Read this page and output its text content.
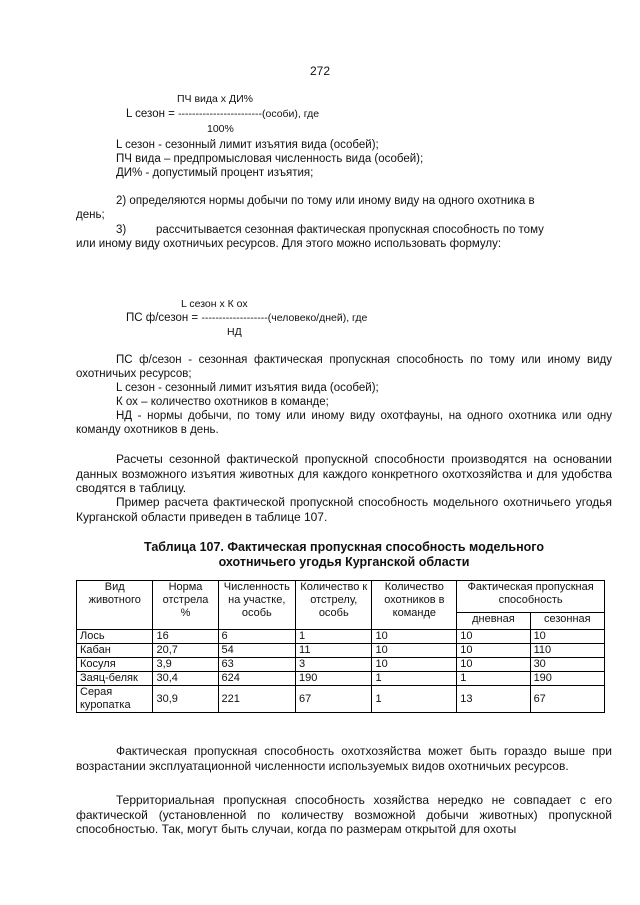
272
ПЧ вида х ДИ%
L сезон = ------------------------(особи), где
100%
L сезон - сезонный лимит изъятия вида (особей);
ПЧ вида – предпромысловая численность вида (особей);
ДИ% - допустимый процент изъятия;
2) определяются нормы добычи по тому или иному виду на одного охотника в
день;
3)	рассчитывается сезонная фактическая пропускная способность по тому
или иному виду охотничьих ресурсов. Для этого можно использовать формулу:
L сезон х К ох
ПС ф/сезон = -------------------(человеко/дней), где
НД
ПС ф/сезон - сезонная фактическая пропускная способность по тому или иному виду охотничьих ресурсов;
L сезон - сезонный лимит изъятия вида (особей);
К ох – количество охотников в команде;
НД - нормы добычи, по тому или иному виду охотфауны, на одного охотника или одну команду охотников в день.
Расчеты сезонной фактической пропускной способности производятся на основании данных возможного изъятия животных для каждого конкретного охотхозяйства и для удобства сводятся в таблицу.
Пример расчета фактической пропускной способность модельного охотничьего угодья Курганской области приведен в таблице 107.
Таблица 107. Фактическая пропускная способность модельного
охотничьего угодья Курганской области
Вид животного	Норма отстрела %	Численность на участке, особь	Количество к отстрелу, особь	Количество охотников в команде	Фактическая пропускная способность	
					дневная	сезонная
Лось	16	6	1	10	10	10
Кабан	20,7	54	11	10	10	110
Косуля	3,9	63	3	10	10	30
Заяц-беляк	30,4	624	190	1	1	190
Серая куропатка	30,9	221	67	1	13	67
Фактическая пропускная способность охотхозяйства может быть гораздо выше при возрастании эксплуатационной численности используемых видов охотничьих ресурсов.
Территориальная пропускная способность хозяйства нередко не совпадает с его фактической (установленной по количеству возможной добычи животных) пропускной способностью. Так, могут быть случаи, когда по размерам открытой для охоты
